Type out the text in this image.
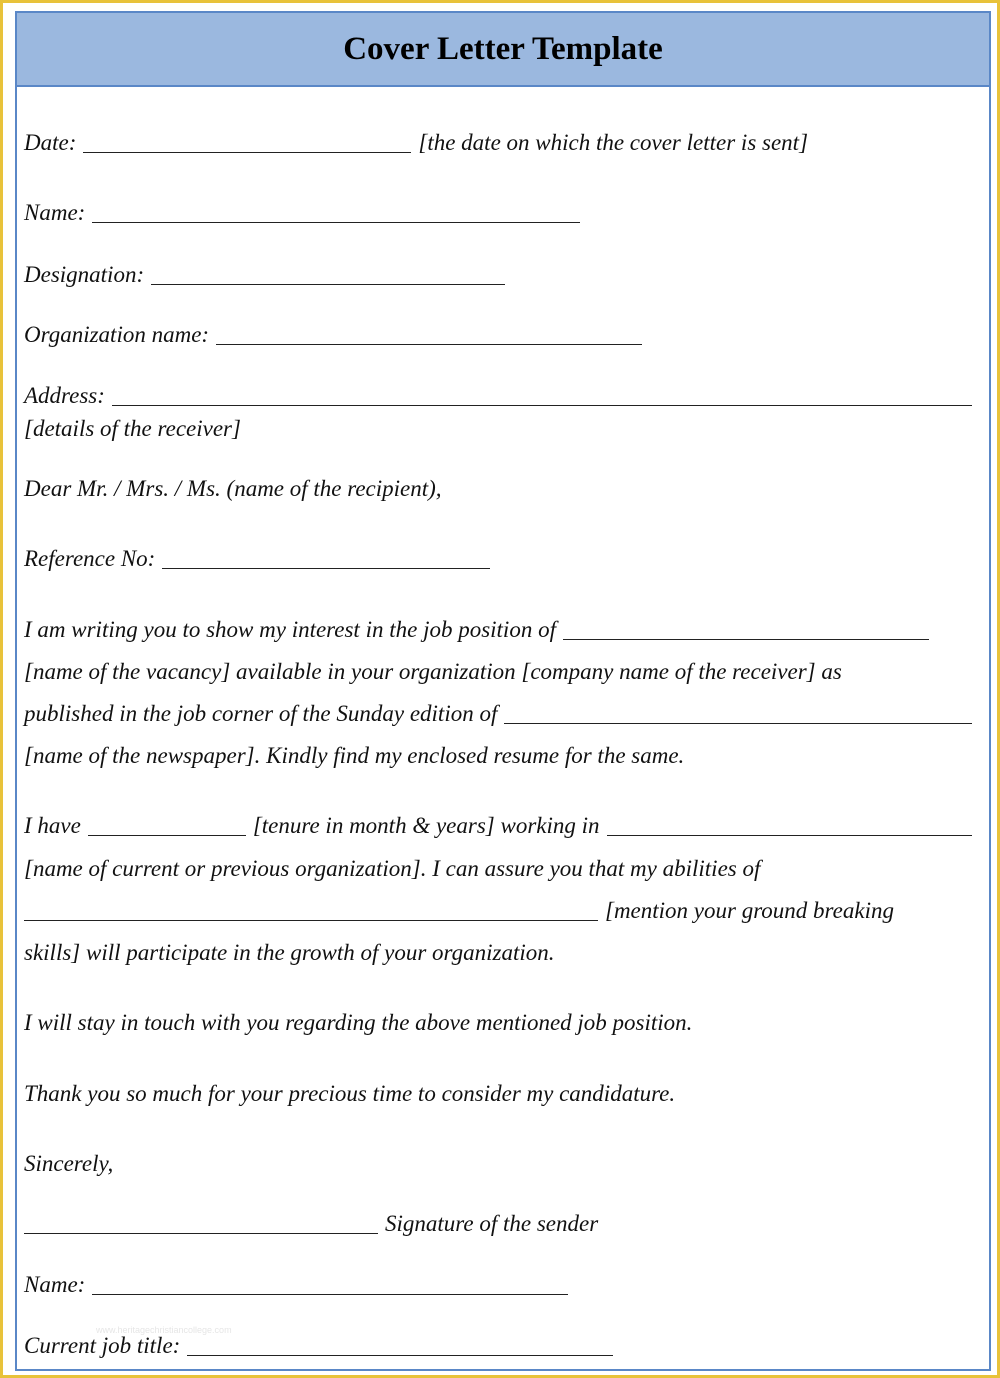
Cover Letter Template
Date:	[the date on which the cover letter is sent]
Name:
Designation:
Organization name:
Address:
[details of the receiver]
Dear Mr. / Mrs. / Ms. (name of the recipient),
Reference No:
I am writing you to show my interest in the job position of
[name of the vacancy] available in your organization [company name of the receiver] as
published in the job corner of the Sunday edition of
[name of the newspaper]. Kindly find my enclosed resume for the same.
I have	[tenure in month & years] working in
[name of current or previous organization]. I can assure you that my abilities of
[mention your ground breaking
skills] will participate in the growth of your organization.
I will stay in touch with you regarding the above mentioned job position.
Thank you so much for your precious time to consider my candidature.
Sincerely,
Signature of the sender
Name:
Current job title:
www.heritagechristiancollege.com
